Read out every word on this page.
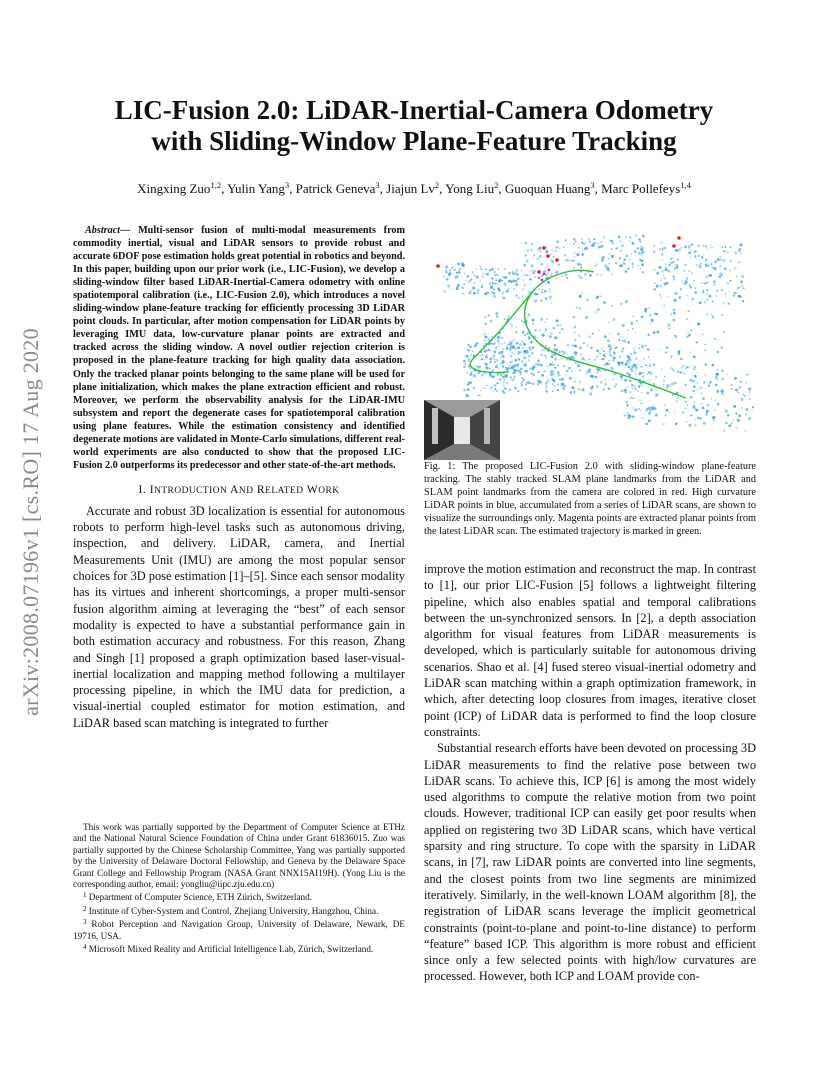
arXiv:2008.07196v1 [cs.RO] 17 Aug 2020
LIC-Fusion 2.0: LiDAR-Inertial-Camera Odometry
with Sliding-Window Plane-Feature Tracking

Xingxing Zuo$^{1,2}$, Yulin Yang$^3$, Patrick Geneva$^3$, Jiajun Lv$^2$, Yong Liu$^2$, Guoquan Huang$^3$, Marc Pollefeys$^{1,4}$

Abstract— Multi-sensor fusion of multi-modal measurements from commodity inertial, visual and LiDAR sensors to provide robust and accurate 6DOF pose estimation holds great potential in robotics and beyond. In this paper, building upon our prior work (i.e., LIC-Fusion), we develop a sliding-window filter based LiDAR-Inertial-Camera odometry with online spatiotemporal calibration (i.e., LIC-Fusion 2.0), which introduces a novel sliding-window plane-feature tracking for efficiently processing 3D LiDAR point clouds. In particular, after motion compensation for LiDAR points by leveraging IMU data, low-curvature planar points are extracted and tracked across the sliding window. A novel outlier rejection criterion is proposed in the plane-feature tracking for high quality data association. Only the tracked planar points belonging to the same plane will be used for plane initialization, which makes the plane extraction efficient and robust. Moreover, we perform the observability analysis for the LiDAR-IMU subsystem and report the degenerate cases for spatiotemporal calibration using plane features. While the estimation consistency and identified degenerate motions are validated in Monte-Carlo simulations, different real-world experiments are also conducted to show that the proposed LIC-Fusion 2.0 outperforms its predecessor and other state-of-the-art methods.

I. INTRODUCTION AND RELATED WORK

Accurate and robust 3D localization is essential for autonomous robots to perform high-level tasks such as autonomous driving, inspection, and delivery. LiDAR, camera, and Inertial Measurements Unit (IMU) are among the most popular sensor choices for 3D pose estimation [1]–[5]. Since each sensor modality has its virtues and inherent shortcomings, a proper multi-sensor fusion algorithm aiming at leveraging the “best” of each sensor modality is expected to have a substantial performance gain in both estimation accuracy and robustness. For this reason, Zhang and Singh [1] proposed a graph optimization based laser-visual-inertial localization and mapping method following a multilayer processing pipeline, in which the IMU data for prediction, a visual-inertial coupled estimator for motion estimation, and LiDAR based scan matching is integrated to further

This work was partially supported by the Department of Computer Science at ETHz and the National Natural Science Foundation of China under Grant 61836015. Zuo was partially supported by the Chinese Scholarship Committee, Yang was partially supported by the University of Delaware Doctoral Fellowship, and Geneva by the Delaware Space Grant College and Fellowship Program (NASA Grant NNX15AI19H). (Yong Liu is the corresponding author, email: yongliu@iipc.zju.edu.cn)

$^1$ Department of Computer Science, ETH Zürich, Switzerland.

$^2$ Institute of Cyber-System and Control, Zhejiang University, Hangzhou, China.

$^3$ Robot Perception and Navigation Group, University of Delaware, Newark, DE 19716, USA.

$^4$ Microsoft Mixed Reality and Artificial Intelligence Lab, Zürich, Switzerland.

Fig. 1: The proposed LIC-Fusion 2.0 with sliding-window plane-feature tracking. The stably tracked SLAM plane landmarks from the LiDAR and SLAM point landmarks from the camera are colored in red. High curvature LiDAR points in blue, accumulated from a series of LiDAR scans, are shown to visualize the surroundings only. Magenta points are extracted planar points from the latest LiDAR scan. The estimated trajectory is marked in green.

improve the motion estimation and reconstruct the map. In contrast to [1], our prior LIC-Fusion [5] follows a lightweight filtering pipeline, which also enables spatial and temporal calibrations between the un-synchronized sensors. In [2], a depth association algorithm for visual features from LiDAR measurements is developed, which is particularly suitable for autonomous driving scenarios. Shao et al. [4] fused stereo visual-inertial odometry and LiDAR scan matching within a graph optimization framework, in which, after detecting loop closures from images, iterative closet point (ICP) of LiDAR data is performed to find the loop closure constraints.

Substantial research efforts have been devoted on processing 3D LiDAR measurements to find the relative pose between two LiDAR scans. To achieve this, ICP [6] is among the most widely used algorithms to compute the relative motion from two point clouds. However, traditional ICP can easily get poor results when applied on registering two 3D LiDAR scans, which have vertical sparsity and ring structure. To cope with the sparsity in LiDAR scans, in [7], raw LiDAR points are converted into line segments, and the closest points from two line segments are minimized iteratively. Similarly, in the well-known LOAM algorithm [8], the registration of LiDAR scans leverage the implicit geometrical constraints (point-to-plane and point-to-line distance) to perform “feature” based ICP. This algorithm is more robust and efficient since only a few selected points with high/low curvatures are processed. However, both ICP and LOAM provide con-
